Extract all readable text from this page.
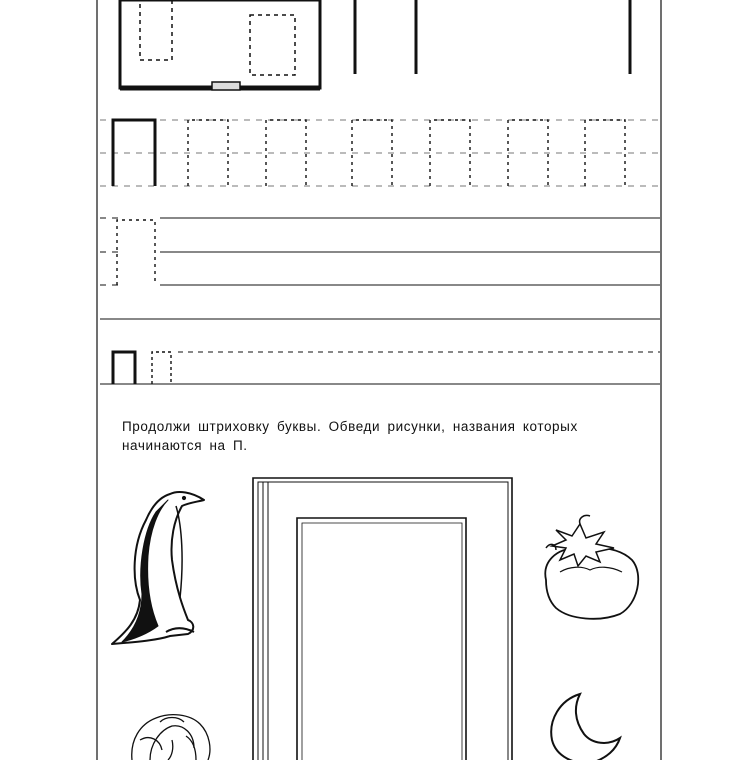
Продолжи штриховку буквы. Обведи рисунки, названия которых
начинаются на П.
